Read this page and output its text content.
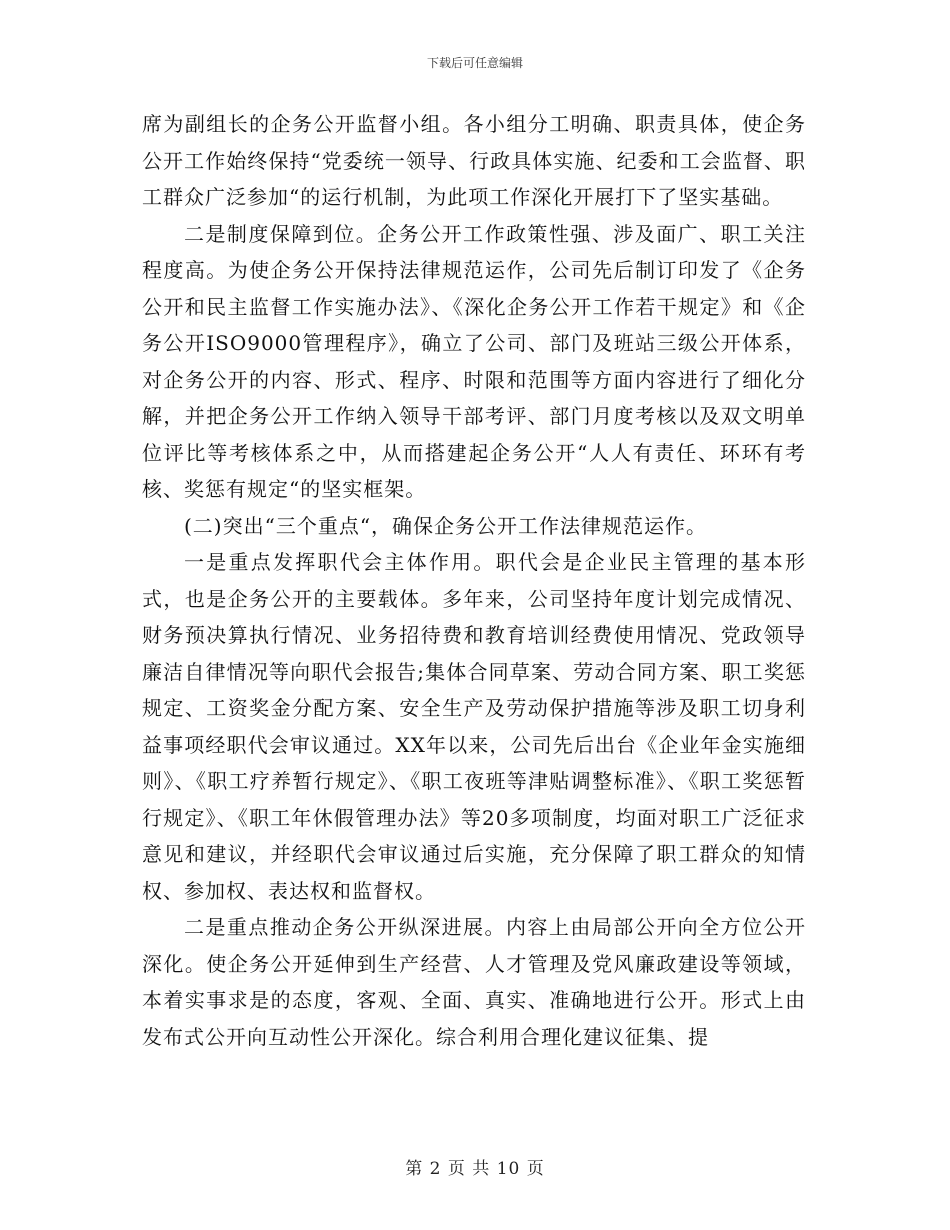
下载后可任意编辑

席为副组长的企务公开监督小组。各小组分工明确、职责具体，使企务公开工作始终保持“党委统一领导、行政具体实施、纪委和工会监督、职工群众广泛参加“的运行机制，为此项工作深化开展打下了坚实基础。

二是制度保障到位。企务公开工作政策性强、涉及面广、职工关注程度高。为使企务公开保持法律规范运作，公司先后制订印发了《企务公开和民主监督工作实施办法》、《深化企务公开工作若干规定》和《企务公开ISO9000管理程序》，确立了公司、部门及班站三级公开体系，对企务公开的内容、形式、程序、时限和范围等方面内容进行了细化分解，并把企务公开工作纳入领导干部考评、部门月度考核以及双文明单位评比等考核体系之中，从而搭建起企务公开“人人有责任、环环有考核、奖惩有规定“的坚实框架。

(二)突出“三个重点“，确保企务公开工作法律规范运作。

一是重点发挥职代会主体作用。职代会是企业民主管理的基本形式，也是企务公开的主要载体。多年来，公司坚持年度计划完成情况、财务预决算执行情况、业务招待费和教育培训经费使用情况、党政领导廉洁自律情况等向职代会报告;集体合同草案、劳动合同方案、职工奖惩规定、工资奖金分配方案、安全生产及劳动保护措施等涉及职工切身利益事项经职代会审议通过。XX年以来，公司先后出台《企业年金实施细则》、《职工疗养暂行规定》、《职工夜班等津贴调整标准》、《职工奖惩暂行规定》、《职工年休假管理办法》等20多项制度，均面对职工广泛征求意见和建议，并经职代会审议通过后实施，充分保障了职工群众的知情权、参加权、表达权和监督权。

二是重点推动企务公开纵深进展。内容上由局部公开向全方位公开深化。使企务公开延伸到生产经营、人才管理及党风廉政建设等领域，本着实事求是的态度，客观、全面、真实、准确地进行公开。形式上由发布式公开向互动性公开深化。综合利用合理化建议征集、提

第 2 页 共 10 页
